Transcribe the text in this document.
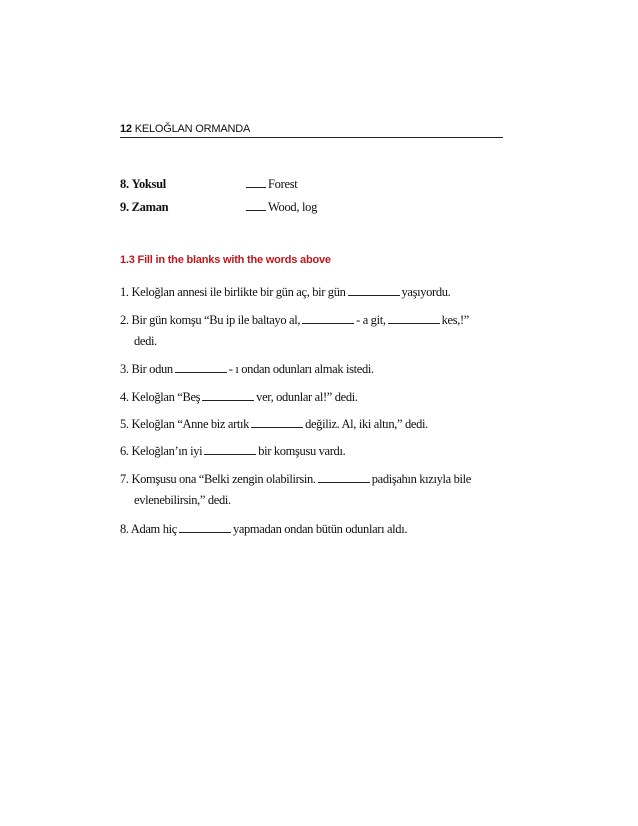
12 KELOĞLAN ORMANDA
8. Yoksul	Forest
9. Zaman	Wood, log
1.3 Fill in the blanks with the words above
1. Keloğlan annesi ile birlikte bir gün aç, bir gün	yaşıyordu.
2. Bir gün komşu “Bu ip ile baltayo al,	- a git,	kes,!”
dedi.
3. Bir odun	- ı ondan odunları almak istedi.
4. Keloğlan “Beş	ver, odunlar al!” dedi.
5. Keloğlan “Anne biz artık	değiliz. Al, iki altın,” dedi.
6. Keloğlan’ın iyi	bir komşusu vardı.
7. Komşusu ona “Belki zengin olabilirsin.	padişahın kızıyla bile
evlenebilirsin,” dedi.
8. Adam hiç	yapmadan ondan bütün odunları aldı.
